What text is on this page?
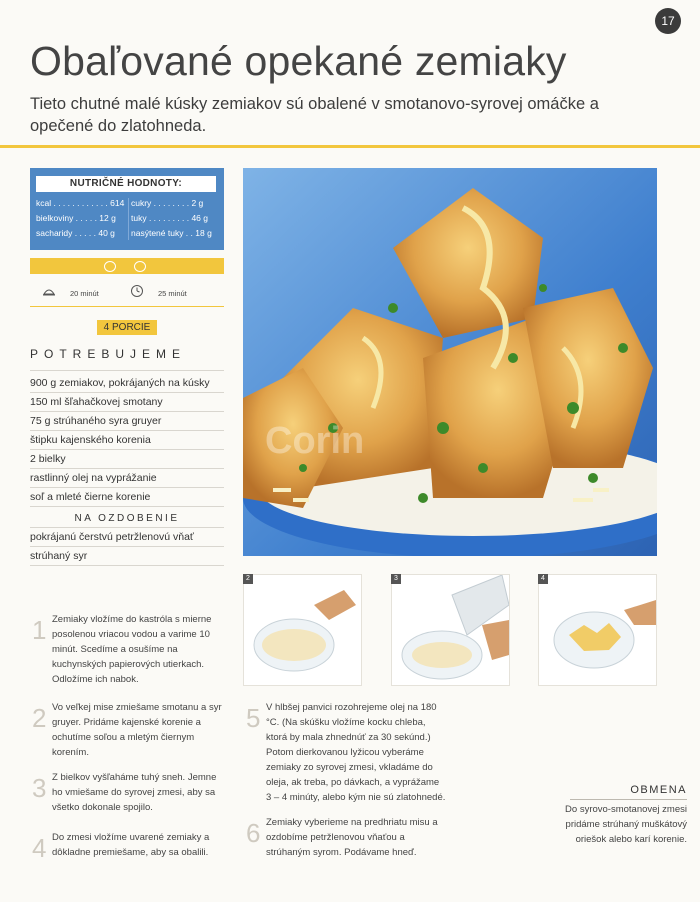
17
Obaľované opekané zemiaky
Tieto chutné malé kúsky zemiakov sú obalené v smotanovo-syrovej omáčke a opečené do zlatohneda.
NUTRIČNÉ HODNOTY:
kcal . . . . . . . . . . . . 614 cukry . . . . . . . . 2 g
bielkoviny . . . . . 12 g	tuky . . . . . . . . . 46 g
sacharidy . . . . . 40 g	nasýtené tuky . . 18 g
20 minút	25 minút
4 PORCIE
POTREBUJEME
900 g zemiakov, pokrájaných na kúsky
150 ml šľahačkovej smotany
75 g strúhaného syra gruyer
štipku kajenského korenia
2 bielky
rastlinný olej na vyprážanie
soľ a mleté čierne korenie
NA OZDOBENIE
pokrájanú čerstvú petržlenovú vňať
strúhaný syr
2	3	4
1 Zemiaky vložíme do kastróla s mierne posolenou vriacou vodou a varime 10 minút. Scedíme a osušíme na kuchynských papierových utierkach. Odložíme ich nabok.
2 Vo veľkej mise zmiešame smotanu a syr gruyer. Pridáme kajenské korenie a ochutíme soľou a mletým čiernym korením.
3 Z bielkov vyšľaháme tuhý sneh. Jemne ho vmiešame do syrovej zmesi, aby sa všetko dokonale spojilo.
4 Do zmesi vložíme uvarené zemiaky a dôkladne premiešame, aby sa obalili.
5 V hlbšej panvici rozohrejeme olej na 180 °C. (Na skúšku vložíme kocku chleba, ktorá by mala zhnednúť za 30 sekúnd.) Potom dierkovanou lyžicou vyberáme zemiaky zo syrovej zmesi, vkladáme do oleja, ak treba, po dávkach, a vyprážame 3 – 4 minúty, alebo kým nie sú zlatohnedé.
6 Zemiaky vyberieme na predhriatu misu a ozdobíme petržlenovou vňaťou a strúhaným syrom. Podávame hneď.
OBMENA
Do syrovo-smotanovej zmesi pridáme strúhaný muškátový oriešok alebo karí korenie.
Corin
